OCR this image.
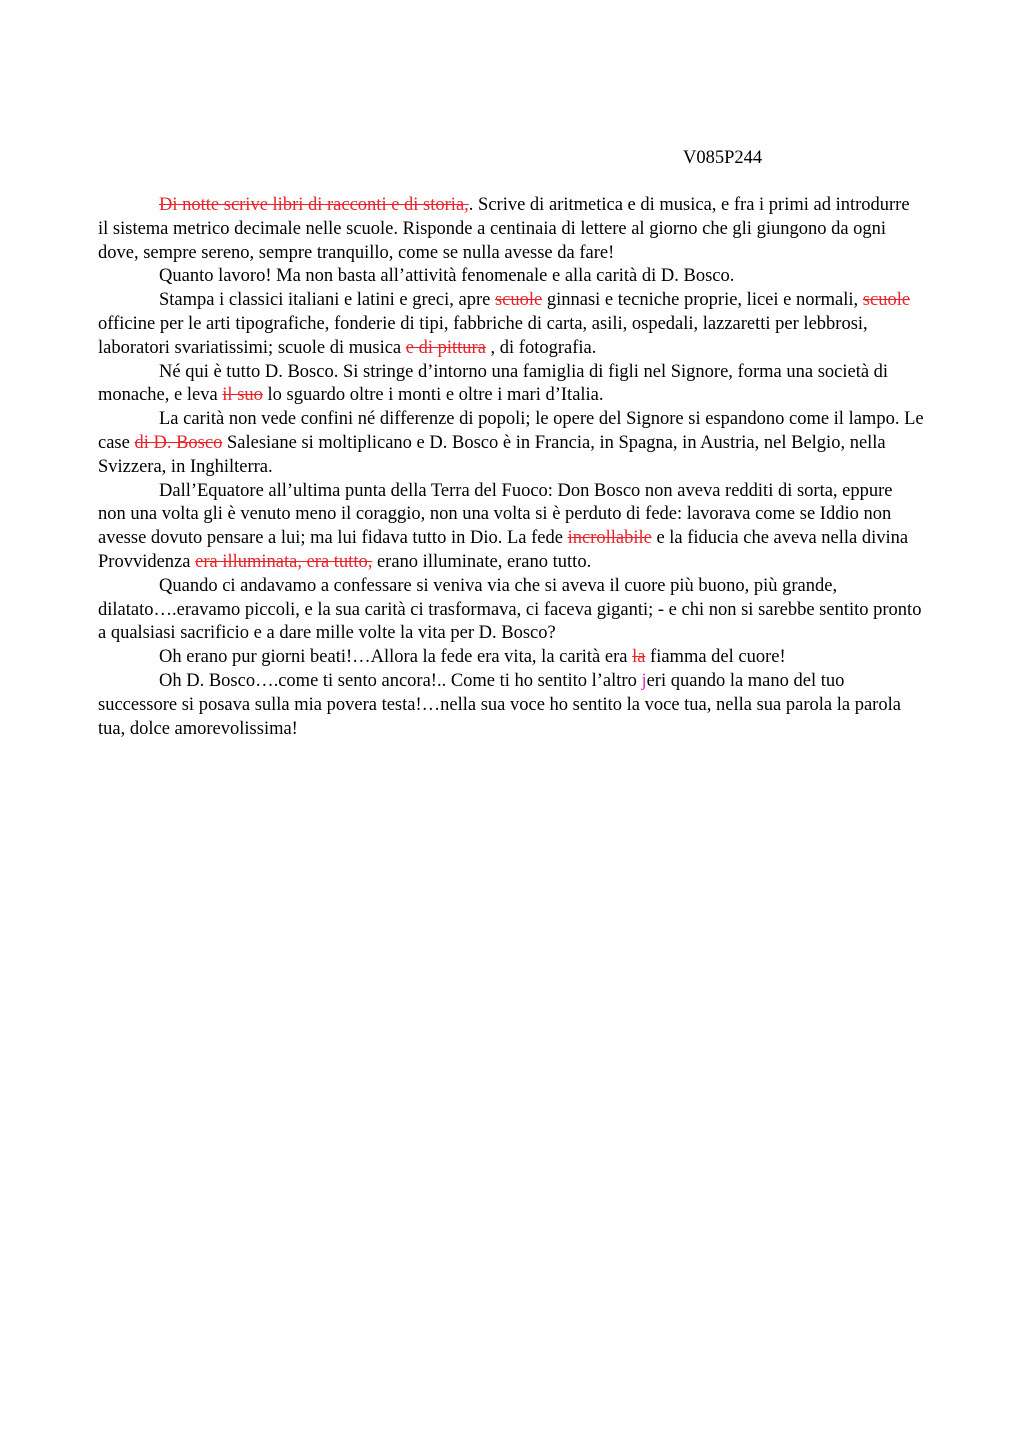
V085P244

Di notte scrive libri di racconti e di storia,. Scrive di aritmetica e di musica, e fra i primi ad introdurre il sistema metrico decimale nelle scuole. Risponde a centinaia di lettere al giorno che gli giungono da ogni dove, sempre sereno, sempre tranquillo, come se nulla avesse da fare!

Quanto lavoro! Ma non basta all’attività fenomenale e alla carità di D. Bosco.

Stampa i classici italiani e latini e greci, apre scuole ginnasi e tecniche proprie, licei e normali, scuole officine per le arti tipografiche, fonderie di tipi, fabbriche di carta, asili, ospedali, lazzaretti per lebbrosi, laboratori svariatissimi; scuole di musica e di pittura , di fotografia.

Né qui è tutto D. Bosco. Si stringe d’intorno una famiglia di figli nel Signore, forma una società di monache, e leva il suo lo sguardo oltre i monti e oltre i mari d’Italia.

La carità non vede confini né differenze di popoli; le opere del Signore si espandono come il lampo. Le case di D. Bosco Salesiane si moltiplicano e D. Bosco è in Francia, in Spagna, in Austria, nel Belgio, nella Svizzera, in Inghilterra.

Dall’Equatore all’ultima punta della Terra del Fuoco: Don Bosco non aveva redditi di sorta, eppure non una volta gli è venuto meno il coraggio, non una volta si è perduto di fede: lavorava come se Iddio non avesse dovuto pensare a lui; ma lui fidava tutto in Dio. La fede incrollabile e la fiducia che aveva nella divina Provvidenza era illuminata, era tutto, erano illuminate, erano tutto.

Quando ci andavamo a confessare si veniva via che si aveva il cuore più buono, più grande, dilatato….eravamo piccoli, e la sua carità ci trasformava, ci faceva giganti; - e chi non si sarebbe sentito pronto a qualsiasi sacrificio e a dare mille volte la vita per D. Bosco?

Oh erano pur giorni beati!…Allora la fede era vita, la carità era la fiamma del cuore!

Oh D. Bosco….come ti sento ancora!.. Come ti ho sentito l’altro jeri quando la mano del tuo successore si posava sulla mia povera testa!…nella sua voce ho sentito la voce tua, nella sua parola la parola tua, dolce amorevolissima!
